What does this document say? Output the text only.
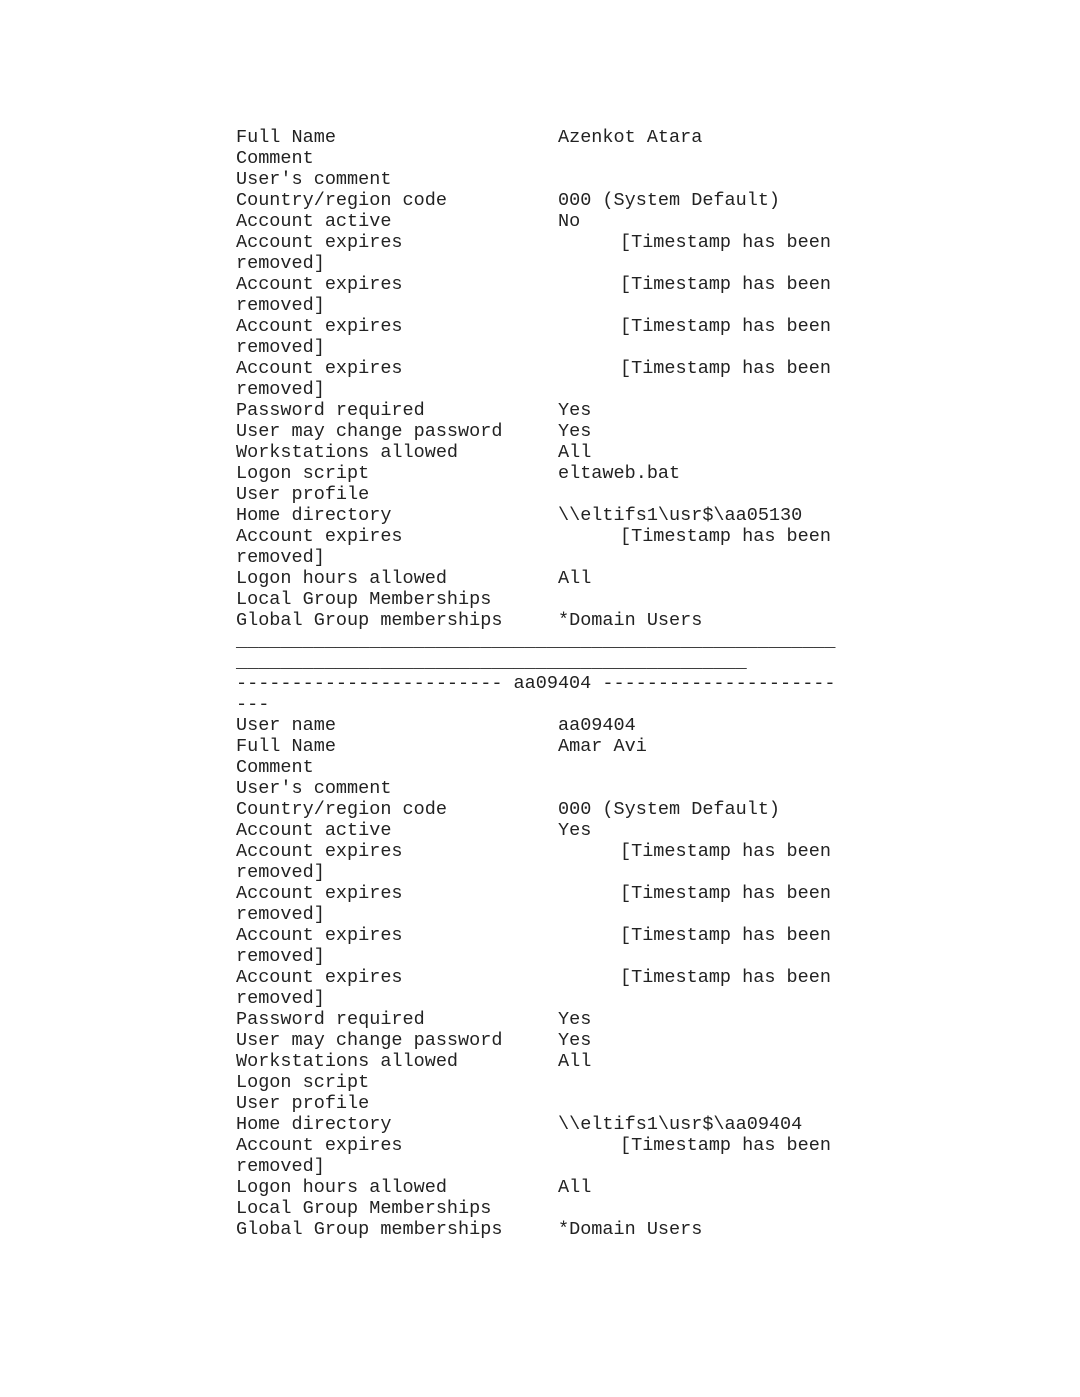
Full Name	Azenkot Atara
Comment
User's comment
Country/region code	000 (System Default)
Account active	No
Account expires	[Timestamp has been
removed]
Account expires	[Timestamp has been
removed]
Account expires	[Timestamp has been
removed]
Account expires	[Timestamp has been
removed]
Password required	Yes
User may change password	Yes
Workstations allowed	All
Logon script	eltaweb.bat
User profile
Home directory	\\eltifs1\usr$\aa05130
Account expires	[Timestamp has been
removed]
Logon hours allowed	All
Local Group Memberships
Global Group memberships	*Domain Users
______________________________________________________
______________________________________________
------------------------ aa09404 ---------------------
---
User name	aa09404
Full Name	Amar Avi
Comment
User's comment
Country/region code	000 (System Default)
Account active	Yes
Account expires	[Timestamp has been
removed]
Account expires	[Timestamp has been
removed]
Account expires	[Timestamp has been
removed]
Account expires	[Timestamp has been
removed]
Password required	Yes
User may change password	Yes
Workstations allowed	All
Logon script
User profile
Home directory	\\eltifs1\usr$\aa09404
Account expires	[Timestamp has been
removed]
Logon hours allowed	All
Local Group Memberships
Global Group memberships	*Domain Users
